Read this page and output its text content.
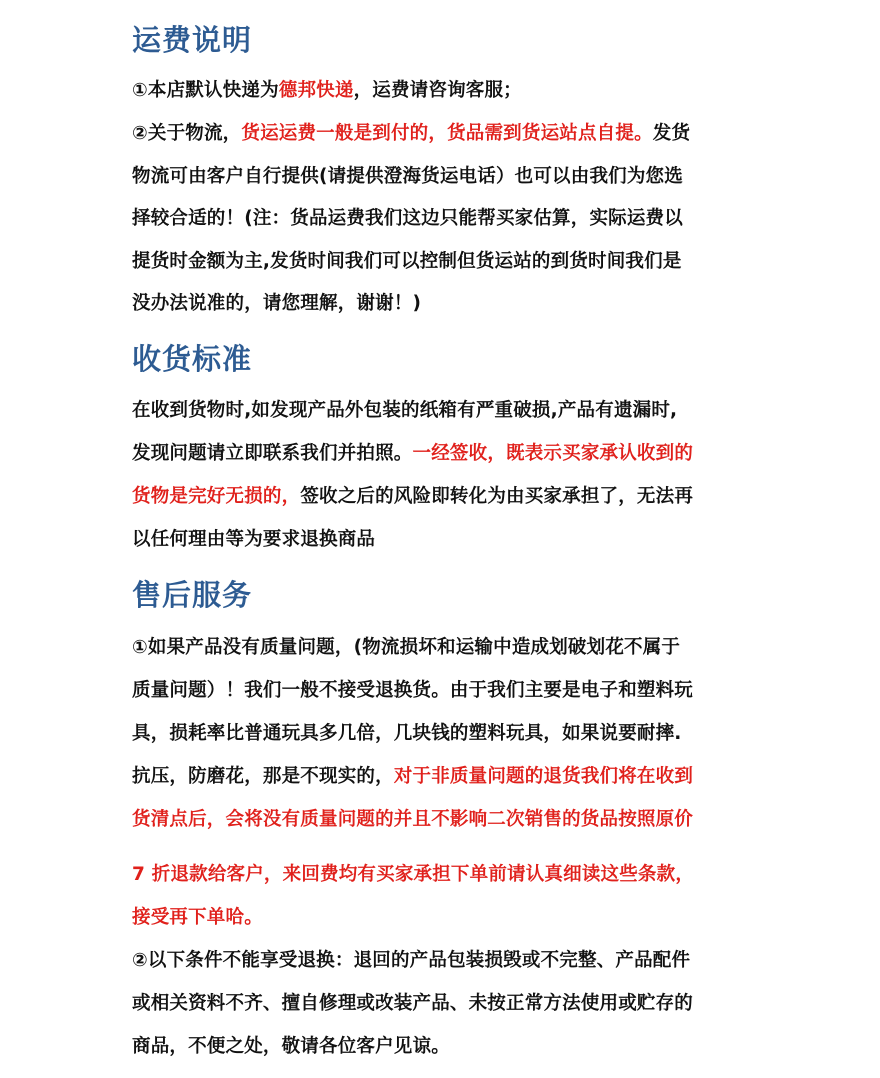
运费说明

①本店默认快递为德邦快递，运费请咨询客服；

②关于物流，货运运费一般是到付的，货品需到货运站点自提。发货

物流可由客户自行提供(请提供澄海货运电话）也可以由我们为您选

择较合适的！(注：货品运费我们这边只能帮买家估算，实际运费以

提货时金额为主,发货时间我们可以控制但货运站的到货时间我们是

没办法说准的，请您理解，谢谢！)

收货标准

在收到货物时,如发现产品外包装的纸箱有严重破损,产品有遗漏时,

发现问题请立即联系我们并拍照。一经签收，既表示买家承认收到的

货物是完好无损的，签收之后的风险即转化为由买家承担了，无法再

以任何理由等为要求退换商品

售后服务

①如果产品没有质量问题，(物流损坏和运输中造成划破划花不属于

质量问题）！我们一般不接受退换货。由于我们主要是电子和塑料玩

具，损耗率比普通玩具多几倍，几块钱的塑料玩具，如果说要耐摔.

抗压，防磨花，那是不现实的，对于非质量问题的退货我们将在收到

货清点后，会将没有质量问题的并且不影响二次销售的货品按照原价

7 折退款给客户，来回费均有买家承担下单前请认真细读这些条款，

接受再下单哈。

②以下条件不能享受退换：退回的产品包装损毁或不完整、产品配件

或相关资料不齐、擅自修理或改装产品、未按正常方法使用或贮存的

商品，不便之处，敬请各位客户见谅。
